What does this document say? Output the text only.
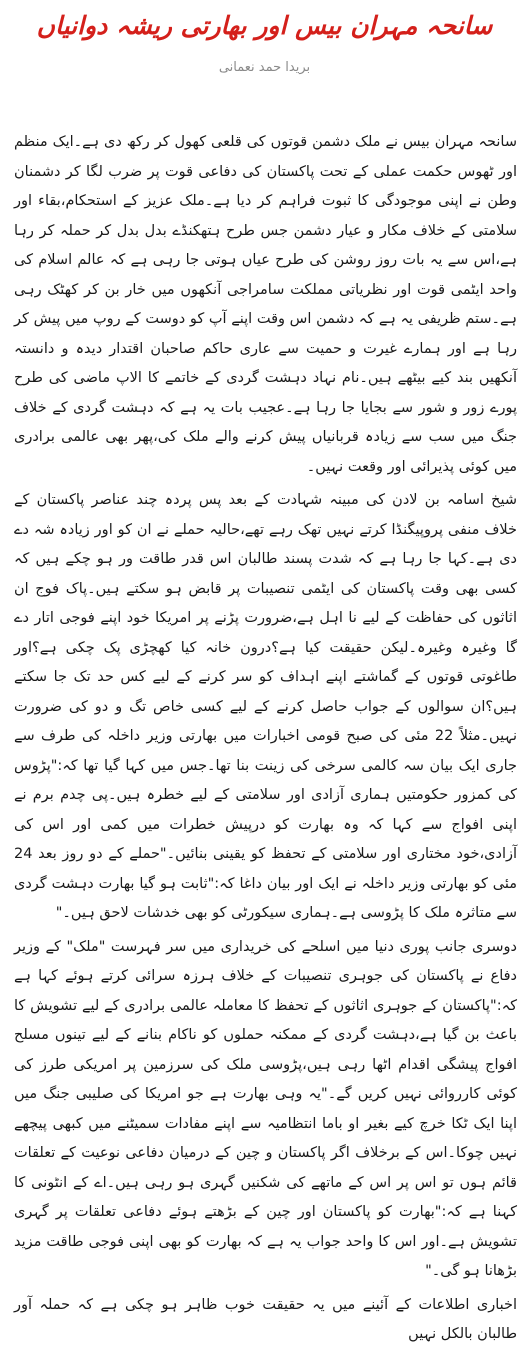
سانحہ مہران بیس اور بھارتی ریشہ دوانیاں
بریدا حمد نعمانی

سانحہ مہران بیس نے ملک دشمن قوتوں کی قلعی کھول کر رکھ دی ہے۔ایک منظم اور ٹھوس حکمت عملی کے تحت پاکستان کی دفاعی قوت پر ضرب لگا کر دشمنان وطن نے اپنی موجودگی کا ثبوت فراہم کر دیا ہے۔ملک عزیز کے استحکام،بقاء اور سلامتی کے خلاف مکار و عیار دشمن جس طرح ہتھکنڈے بدل بدل کر حملہ کر رہا ہے،اس سے یہ بات روز روشن کی طرح عیاں ہوتی جا رہی ہے کہ عالم اسلام کی واحد ایٹمی قوت اور نظریاتی مملکت سامراجی آنکھوں میں خار بن کر کھٹک رہی ہے۔ستم ظریفی یہ ہے کہ دشمن اس وقت اپنے آپ کو دوست کے روپ میں پیش کر رہا ہے اور ہمارے غیرت و حمیت سے عاری حاکم صاحبان اقتدار دیدہ و دانستہ آنکھیں بند کیے بیٹھے ہیں۔نام نہاد دہشت گردی کے خاتمے کا الاپ ماضی کی طرح پورے زور و شور سے بجایا جا رہا ہے۔عجیب بات یہ ہے کہ دہشت گردی کے خلاف جنگ میں سب سے زیادہ قربانیاں پیش کرنے والے ملک کی،پھر بھی عالمی برادری میں کوئی پذیرائی اور وقعت نہیں۔

شیخ اسامہ بن لادن کی مبینہ شہادت کے بعد پس پردہ چند عناصر پاکستان کے خلاف منفی پروپیگنڈا کرتے نہیں تھک رہے تھے،حالیہ حملے نے ان کو اور زیادہ شہ دے دی ہے۔کہا جا رہا ہے کہ شدت پسند طالبان اس قدر طاقت ور ہو چکے ہیں کہ کسی بھی وقت پاکستان کی ایٹمی تنصیبات پر قابض ہو سکتے ہیں۔پاک فوج ان اثاثوں کی حفاظت کے لیے نا اہل ہے،ضرورت پڑنے پر امریکا خود اپنے فوجی اتار دے گا وغیرہ وغیرہ۔لیکن حقیقت کیا ہے؟درون خانہ کیا کھچڑی پک چکی ہے؟اور طاغوتی قوتوں کے گماشتے اپنے اہداف کو سر کرنے کے لیے کس حد تک جا سکتے ہیں؟ان سوالوں کے جواب حاصل کرنے کے لیے کسی خاص تگ و دو کی ضرورت نہیں۔مثلاً 22 مئی کی صبح قومی اخبارات میں بھارتی وزیر داخلہ کی طرف سے جاری ایک بیان سہ کالمی سرخی کی زینت بنا تھا۔جس میں کہا گیا تھا کہ:"پڑوس کی کمزور حکومتیں ہماری آزادی اور سلامتی کے لیے خطرہ ہیں۔پی چدم برم نے اپنی افواج سے کہا کہ وہ بھارت کو درپیش خطرات میں کمی اور اس کی آزادی،خود مختاری اور سلامتی کے تحفظ کو یقینی بنائیں۔"حملے کے دو روز بعد 24 مئی کو بھارتی وزیر داخلہ نے ایک اور بیان داغا کہ:"ثابت ہو گیا بھارت دہشت گردی سے متاثرہ ملک کا پڑوسی ہے۔ہماری سیکورٹی کو بھی خدشات لاحق ہیں۔"

دوسری جانب پوری دنیا میں اسلحے کی خریداری میں سر فہرست "ملک" کے وزیر دفاع نے پاکستان کی جوہری تنصیبات کے خلاف ہرزہ سرائی کرتے ہوئے کہا ہے کہ:"پاکستان کے جوہری اثاثوں کے تحفظ کا معاملہ عالمی برادری کے لیے تشویش کا باعث بن گیا ہے،دہشت گردی کے ممکنہ حملوں کو ناکام بنانے کے لیے تینوں مسلح افواج پیشگی اقدام اٹھا رہی ہیں،پڑوسی ملک کی سرزمین پر امریکی طرز کی کوئی کارروائی نہیں کریں گے۔"یہ وہی بھارت ہے جو امریکا کی صلیبی جنگ میں اپنا ایک ٹکا خرچ کیے بغیر او باما انتظامیہ سے اپنے مفادات سمیٹنے میں کبھی پیچھے نہیں چوکا۔اس کے برخلاف اگر پاکستان و چین کے درمیان دفاعی نوعیت کے تعلقات قائم ہوں تو اس پر اس کے ماتھے کی شکنیں گہری ہو رہی ہیں۔اے کے انٹونی کا کہنا ہے کہ:"بھارت کو پاکستان اور چین کے بڑھتے ہوئے دفاعی تعلقات پر گہری تشویش ہے۔اور اس کا واحد جواب یہ ہے کہ بھارت کو بھی اپنی فوجی طاقت مزید بڑھانا ہو گی۔"

اخباری اطلاعات کے آئینے میں یہ حقیقت خوب ظاہر ہو چکی ہے کہ حملہ آور طالبان بالکل نہیں
